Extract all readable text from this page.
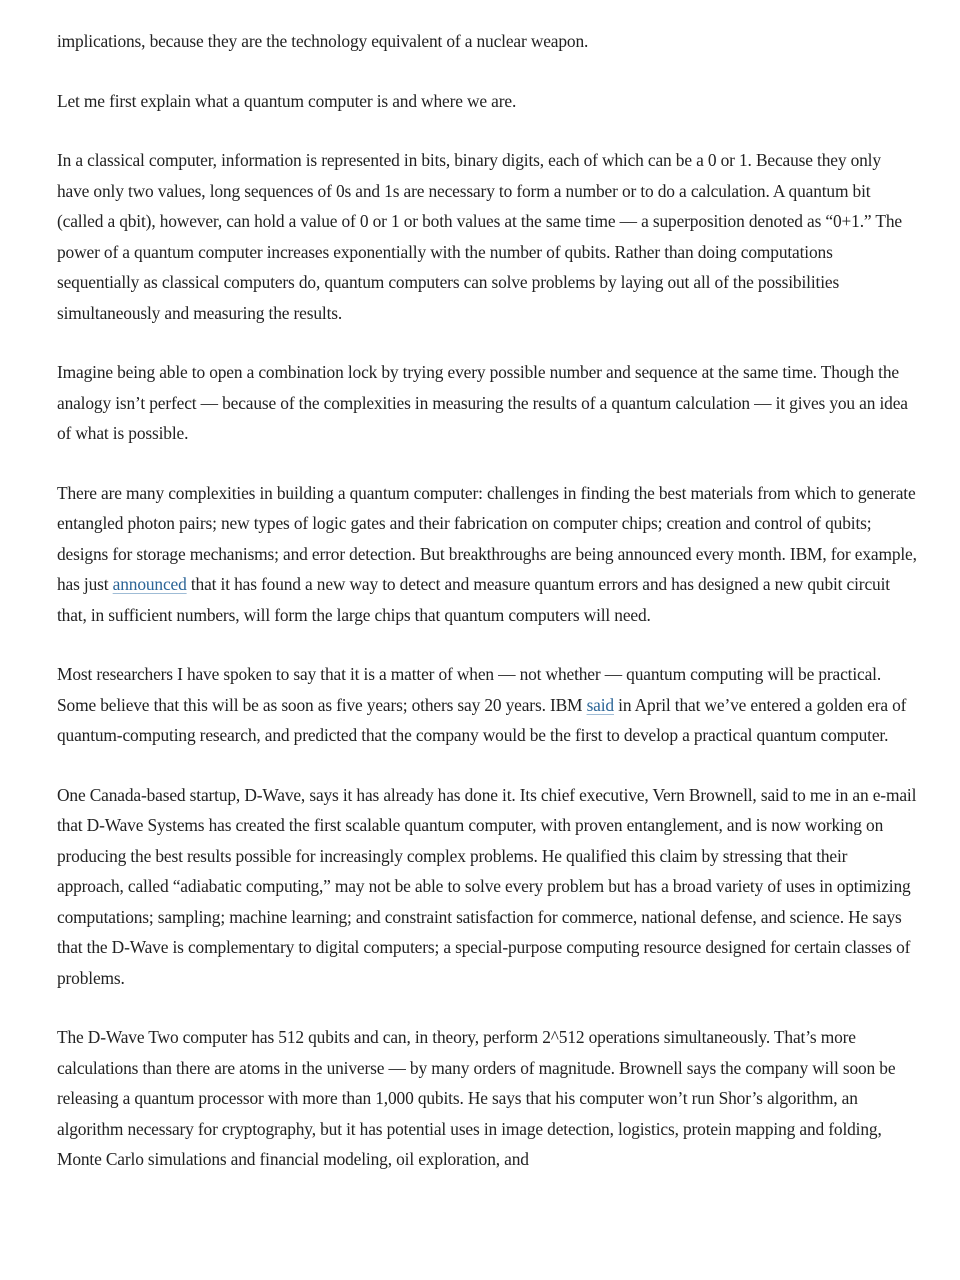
implications, because they are the technology equivalent of a nuclear weapon.

Let me first explain what a quantum computer is and where we are.

In a classical computer, information is represented in bits, binary digits, each of which can be a 0 or 1. Because they only have only two values, long sequences of 0s and 1s are necessary to form a number or to do a calculation. A quantum bit (called a qbit), however, can hold a value of 0 or 1 or both values at the same time — a superposition denoted as “0+1.” The power of a quantum computer increases exponentially with the number of qubits. Rather than doing computations sequentially as classical computers do, quantum computers can solve problems by laying out all of the possibilities simultaneously and measuring the results.

Imagine being able to open a combination lock by trying every possible number and sequence at the same time. Though the analogy isn’t perfect — because of the complexities in measuring the results of a quantum calculation — it gives you an idea of what is possible.

There are many complexities in building a quantum computer: challenges in finding the best materials from which to generate entangled photon pairs; new types of logic gates and their fabrication on computer chips; creation and control of qubits; designs for storage mechanisms; and error detection. But breakthroughs are being announced every month. IBM, for example, has just announced that it has found a new way to detect and measure quantum errors and has designed a new qubit circuit that, in sufficient numbers, will form the large chips that quantum computers will need.

Most researchers I have spoken to say that it is a matter of when — not whether — quantum computing will be practical. Some believe that this will be as soon as five years; others say 20 years. IBM said in April that we’ve entered a golden era of quantum-computing research, and predicted that the company would be the first to develop a practical quantum computer.

One Canada-based startup, D-Wave, says it has already has done it. Its chief executive, Vern Brownell, said to me in an e-mail that D-Wave Systems has created the first scalable quantum computer, with proven entanglement, and is now working on producing the best results possible for increasingly complex problems. He qualified this claim by stressing that their approach, called “adiabatic computing,” may not be able to solve every problem but has a broad variety of uses in optimizing computations; sampling; machine learning; and constraint satisfaction for commerce, national defense, and science. He says that the D-Wave is complementary to digital computers; a special-purpose computing resource designed for certain classes of problems.

The D-Wave Two computer has 512 qubits and can, in theory, perform 2^512 operations simultaneously. That’s more calculations than there are atoms in the universe — by many orders of magnitude. Brownell says the company will soon be releasing a quantum processor with more than 1,000 qubits. He says that his computer won’t run Shor’s algorithm, an algorithm necessary for cryptography, but it has potential uses in image detection, logistics, protein mapping and folding, Monte Carlo simulations and financial modeling, oil exploration, and
